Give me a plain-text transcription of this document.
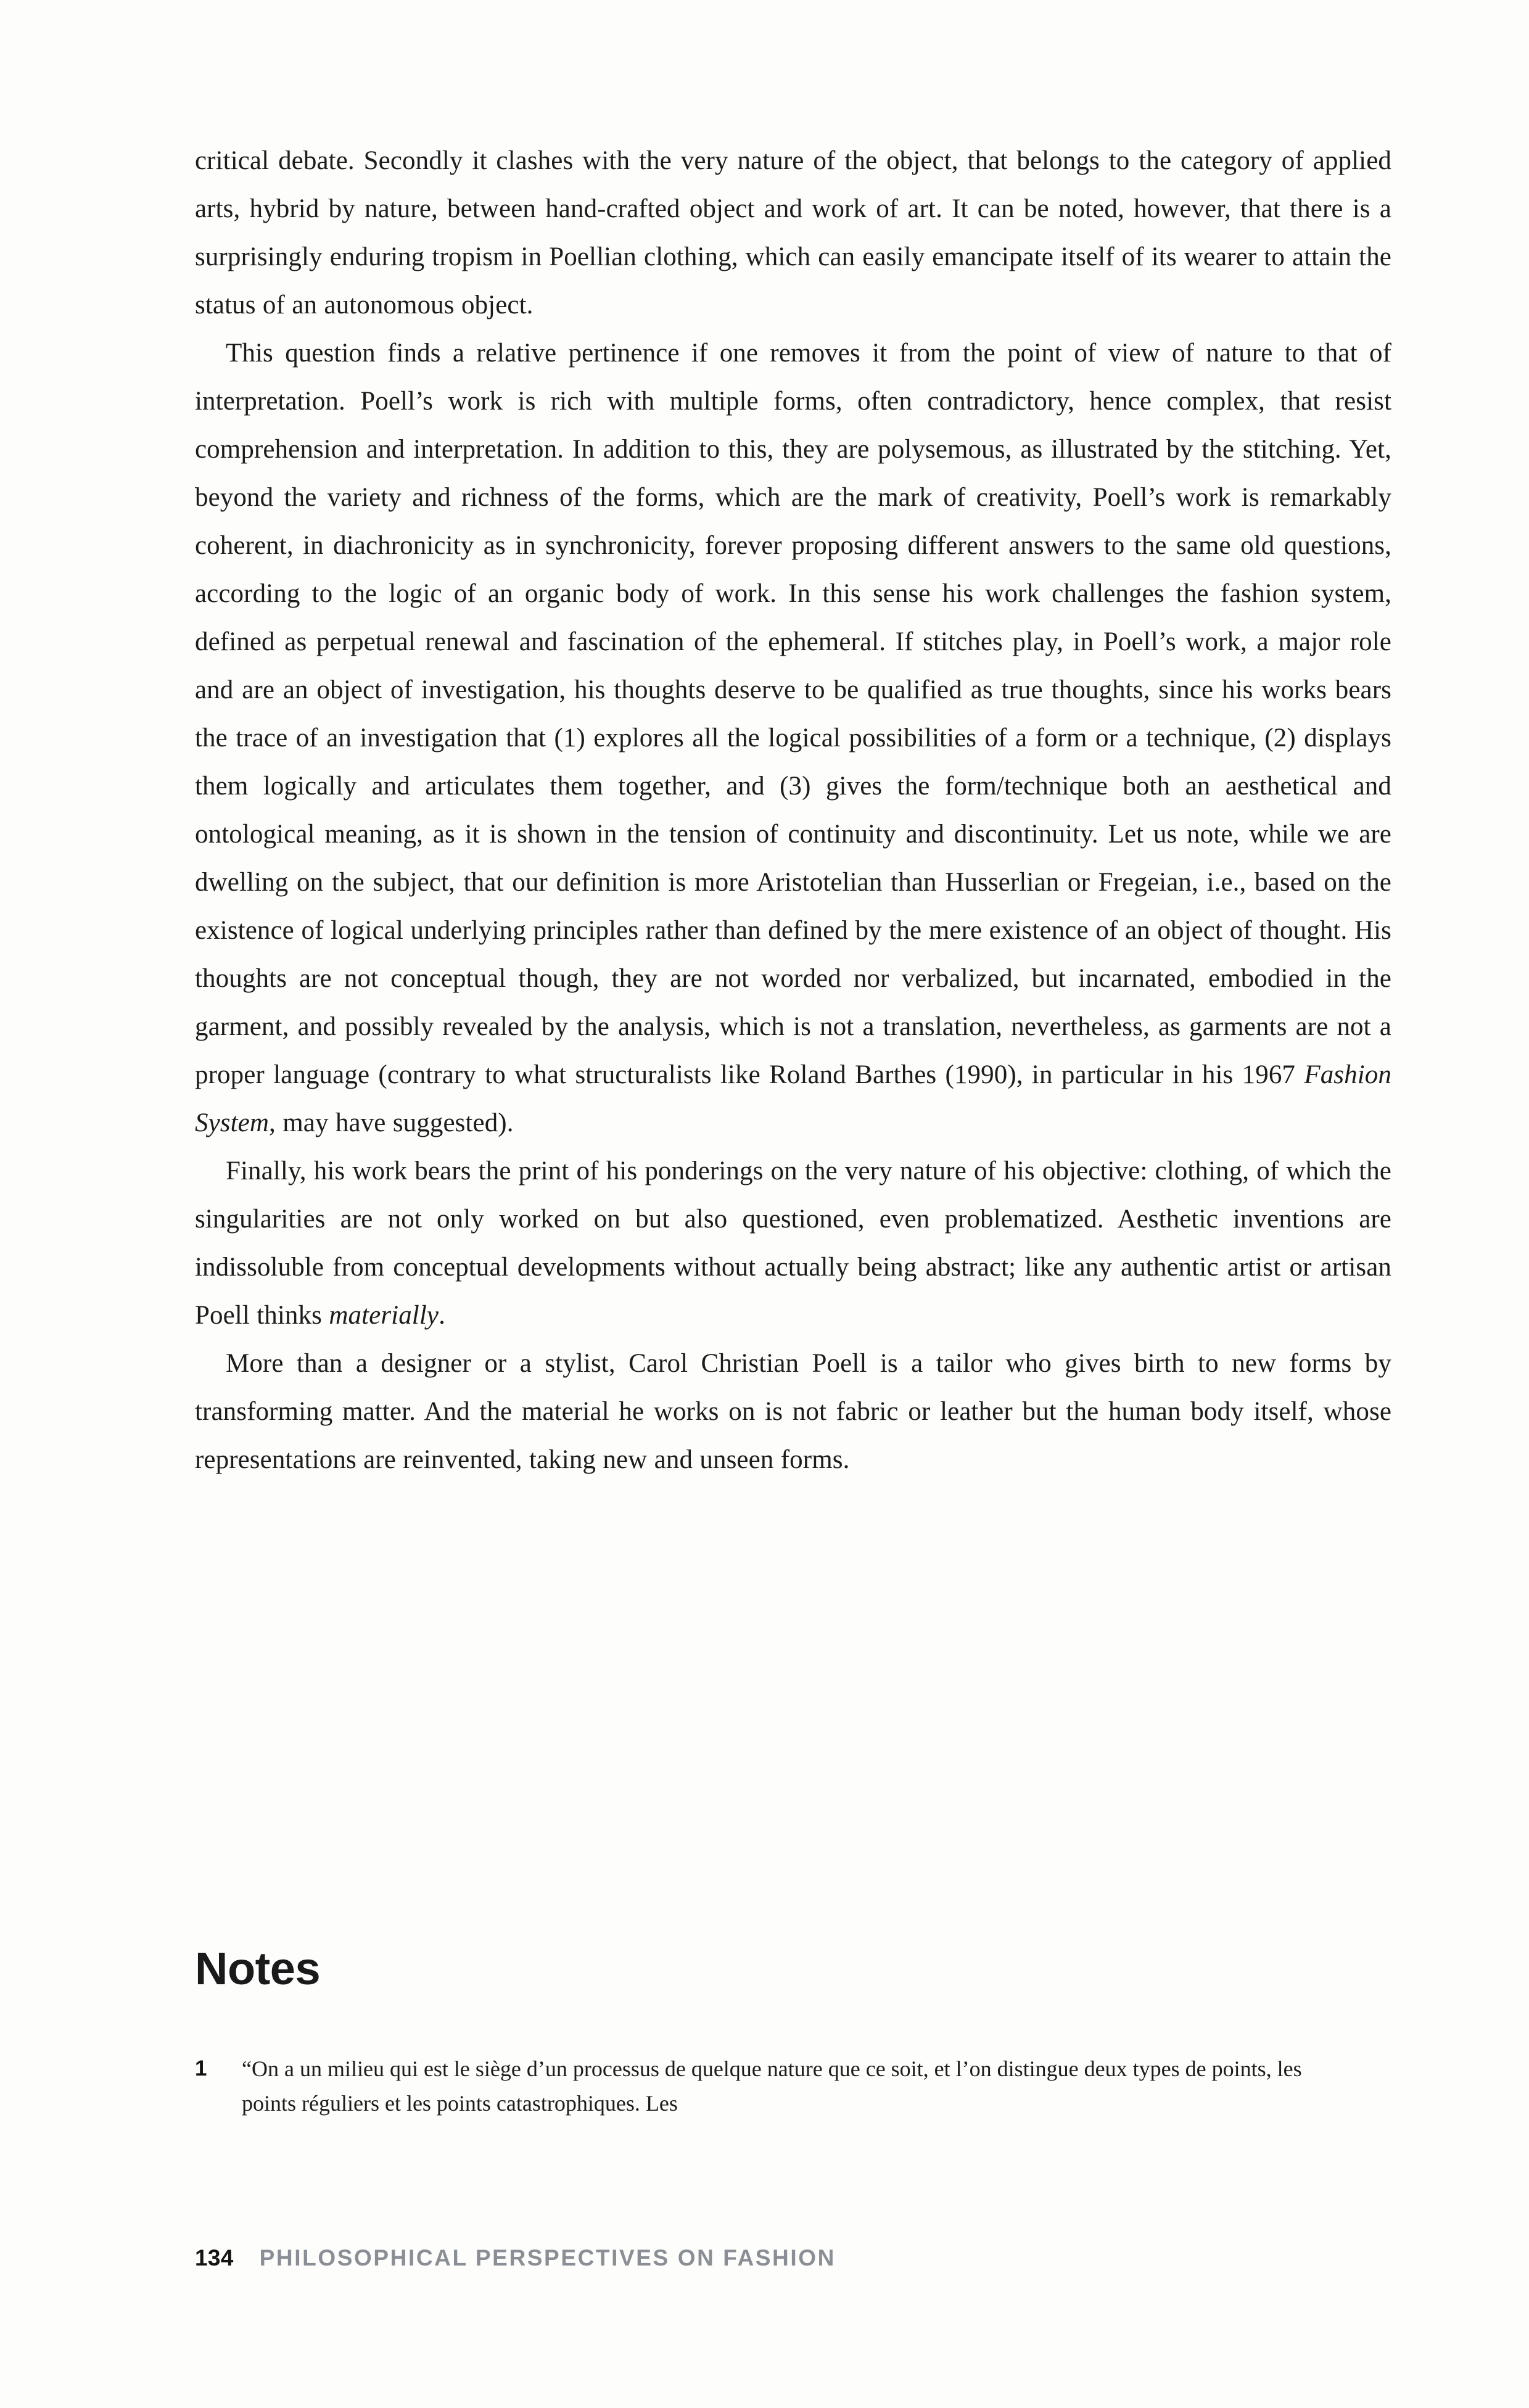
critical debate. Secondly it clashes with the very nature of the object, that belongs to the category of applied arts, hybrid by nature, between hand-crafted object and work of art. It can be noted, however, that there is a surprisingly enduring tropism in Poellian clothing, which can easily emancipate itself of its wearer to attain the status of an autonomous object.

This question finds a relative pertinence if one removes it from the point of view of nature to that of interpretation. Poell’s work is rich with multiple forms, often contradictory, hence complex, that resist comprehension and interpretation. In addition to this, they are polysemous, as illustrated by the stitching. Yet, beyond the variety and richness of the forms, which are the mark of creativity, Poell’s work is remarkably coherent, in diachronicity as in synchronicity, forever proposing different answers to the same old questions, according to the logic of an organic body of work. In this sense his work challenges the fashion system, defined as perpetual renewal and fascination of the ephemeral. If stitches play, in Poell’s work, a major role and are an object of investigation, his thoughts deserve to be qualified as true thoughts, since his works bears the trace of an investigation that (1) explores all the logical possibilities of a form or a technique, (2) displays them logically and articulates them together, and (3) gives the form/technique both an aesthetical and ontological meaning, as it is shown in the tension of continuity and discontinuity. Let us note, while we are dwelling on the subject, that our definition is more Aristotelian than Husserlian or Fregeian, i.e., based on the existence of logical underlying principles rather than defined by the mere existence of an object of thought. His thoughts are not conceptual though, they are not worded nor verbalized, but incarnated, embodied in the garment, and possibly revealed by the analysis, which is not a translation, nevertheless, as garments are not a proper language (contrary to what structuralists like Roland Barthes (1990), in particular in his 1967 Fashion System, may have suggested).

Finally, his work bears the print of his ponderings on the very nature of his objective: clothing, of which the singularities are not only worked on but also questioned, even problematized. Aesthetic inventions are indissoluble from conceptual developments without actually being abstract; like any authentic artist or artisan Poell thinks materially.

More than a designer or a stylist, Carol Christian Poell is a tailor who gives birth to new forms by transforming matter. And the material he works on is not fabric or leather but the human body itself, whose representations are reinvented, taking new and unseen forms.

Notes
1 “On a un milieu qui est le siège d’un processus de quelque nature que ce soit, et l’on distingue deux types de points, les points réguliers et les points catastrophiques. Les
134 PHILOSOPHICAL PERSPECTIVES ON FASHION
